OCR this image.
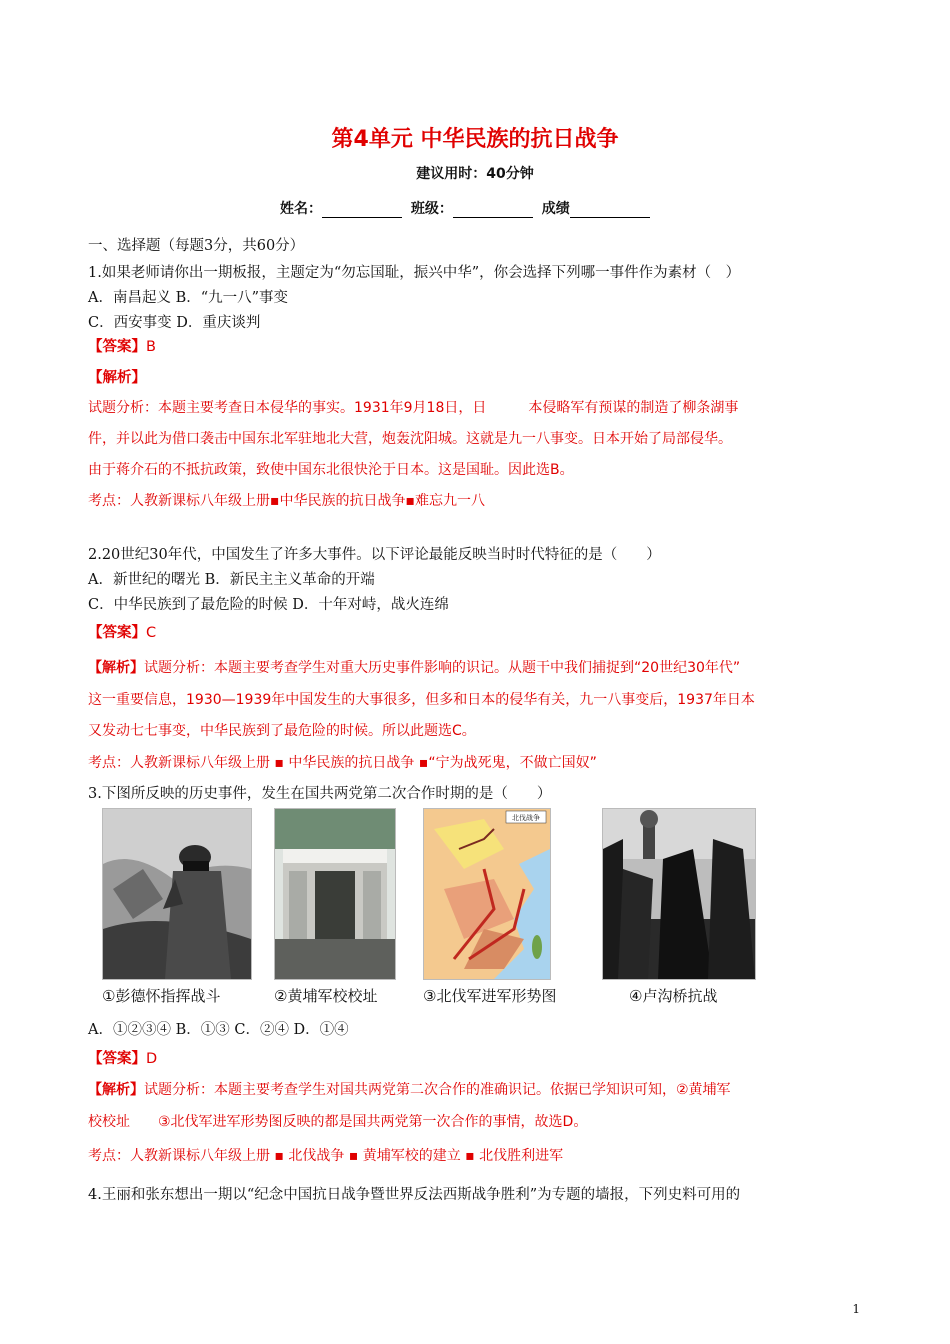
第4单元 中华民族的抗日战争
建议用时：40分钟
姓名：	班级：	成绩
一、选择题（每题3分，共60分）
1.如果老师请你出一期板报，主题定为“勿忘国耻，振兴中华”，你会选择下列哪一事件作为素材（　）
A．南昌起义 B．“九一八”事变
C．西安事变 D．重庆谈判
【答案】B
【解析】
试题分析：本题主要考查日本侵华的事实。1931年9月18日，日　　　本侵略军有预谋的制造了柳条湖事
件，并以此为借口袭击中国东北军驻地北大营，炮轰沈阳城。这就是九一八事变。日本开始了局部侵华。
由于蒋介石的不抵抗政策，致使中国东北很快沦于日本。这是国耻。因此选B。
考点：人教新课标八年级上册▪中华民族的抗日战争▪难忘九一八
2.20世纪30年代，中国发生了许多大事件。以下评论最能反映当时时代特征的是（　　）
A．新世纪的曙光 B．新民主主义革命的开端
C．中华民族到了最危险的时候 D．十年对峙，战火连绵
【答案】C
【解析】试题分析：本题主要考查学生对重大历史事件影响的识记。从题干中我们捕捉到“20世纪30年代”
这一重要信息，1930—1939年中国发生的大事很多，但多和日本的侵华有关，九一八事变后，1937年日本
又发动七七事变，中华民族到了最危险的时候。所以此题选C。
考点：人教新课标八年级上册 ▪ 中华民族的抗日战争 ▪“宁为战死鬼，不做亡国奴”
3.下图所反映的历史事件，发生在国共两党第二次合作时期的是（　　）
①彭德怀指挥战斗	②黄埔军校校址
北伐战争
③北伐军进军形势图	④卢沟桥抗战
A．①②③④ B．①③ C．②④ D．①④
【答案】D
【解析】试题分析：本题主要考查学生对国共两党第二次合作的准确识记。依据已学知识可知，②黄埔军
校校址　　③北伐军进军形势图反映的都是国共两党第一次合作的事情，故选D。
考点：人教新课标八年级上册 ▪ 北伐战争 ▪ 黄埔军校的建立 ▪ 北伐胜利进军
4.王丽和张东想出一期以“纪念中国抗日战争暨世界反法西斯战争胜利”为专题的墙报，下列史料可用的
1
